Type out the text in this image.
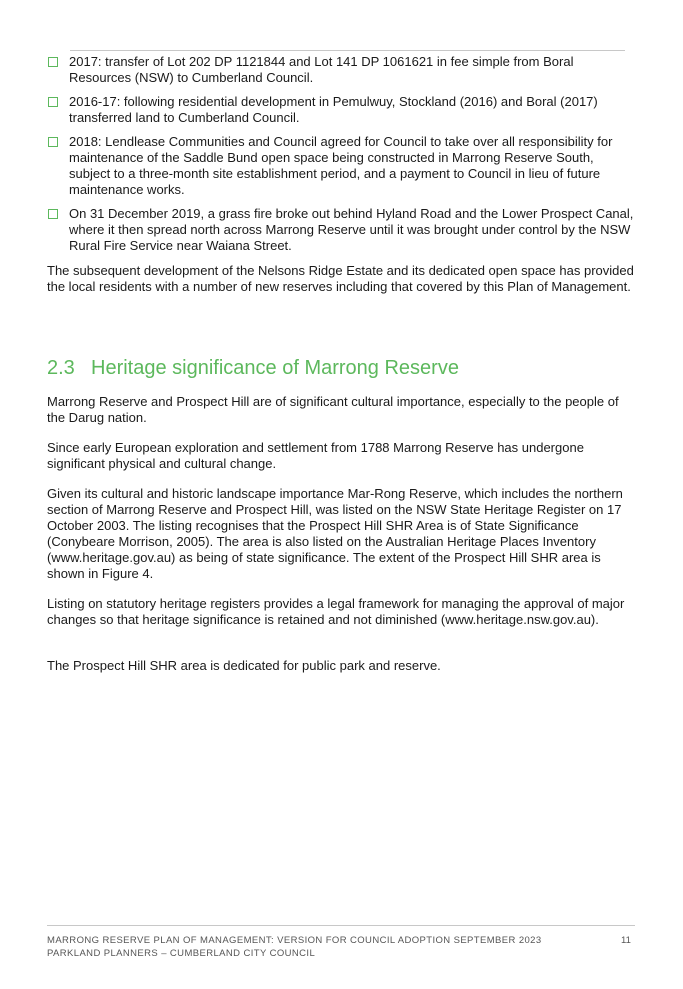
2017: transfer of Lot 202 DP 1121844 and Lot 141 DP 1061621 in fee simple from Boral Resources (NSW) to Cumberland Council.
2016-17: following residential development in Pemulwuy, Stockland (2016) and Boral (2017) transferred land to Cumberland Council.
2018: Lendlease Communities and Council agreed for Council to take over all responsibility for maintenance of the Saddle Bund open space being constructed in Marrong Reserve South, subject to a three-month site establishment period, and a payment to Council in lieu of future maintenance works.
On 31 December 2019, a grass fire broke out behind Hyland Road and the Lower Prospect Canal, where it then spread north across Marrong Reserve until it was brought under control by the NSW Rural Fire Service near Waiana Street.

The subsequent development of the Nelsons Ridge Estate and its dedicated open space has provided the local residents with a number of new reserves including that covered by this Plan of Management.

2.3 Heritage significance of Marrong Reserve

Marrong Reserve and Prospect Hill are of significant cultural importance, especially to the people of the Darug nation.

Since early European exploration and settlement from 1788 Marrong Reserve has undergone significant physical and cultural change.

Given its cultural and historic landscape importance Mar-Rong Reserve, which includes the northern section of Marrong Reserve and Prospect Hill, was listed on the NSW State Heritage Register on 17 October 2003. The listing recognises that the Prospect Hill SHR Area is of State Significance (Conybeare Morrison, 2005). The area is also listed on the Australian Heritage Places Inventory (www.heritage.gov.au) as being of state significance. The extent of the Prospect Hill SHR area is shown in Figure 4.

Listing on statutory heritage registers provides a legal framework for managing the approval of major changes so that heritage significance is retained and not diminished (www.heritage.nsw.gov.au).

The Prospect Hill SHR area is dedicated for public park and reserve.

MARRONG RESERVE PLAN OF MANAGEMENT: VERSION FOR COUNCIL ADOPTION SEPTEMBER 2023
PARKLAND PLANNERS – CUMBERLAND CITY COUNCIL
11
